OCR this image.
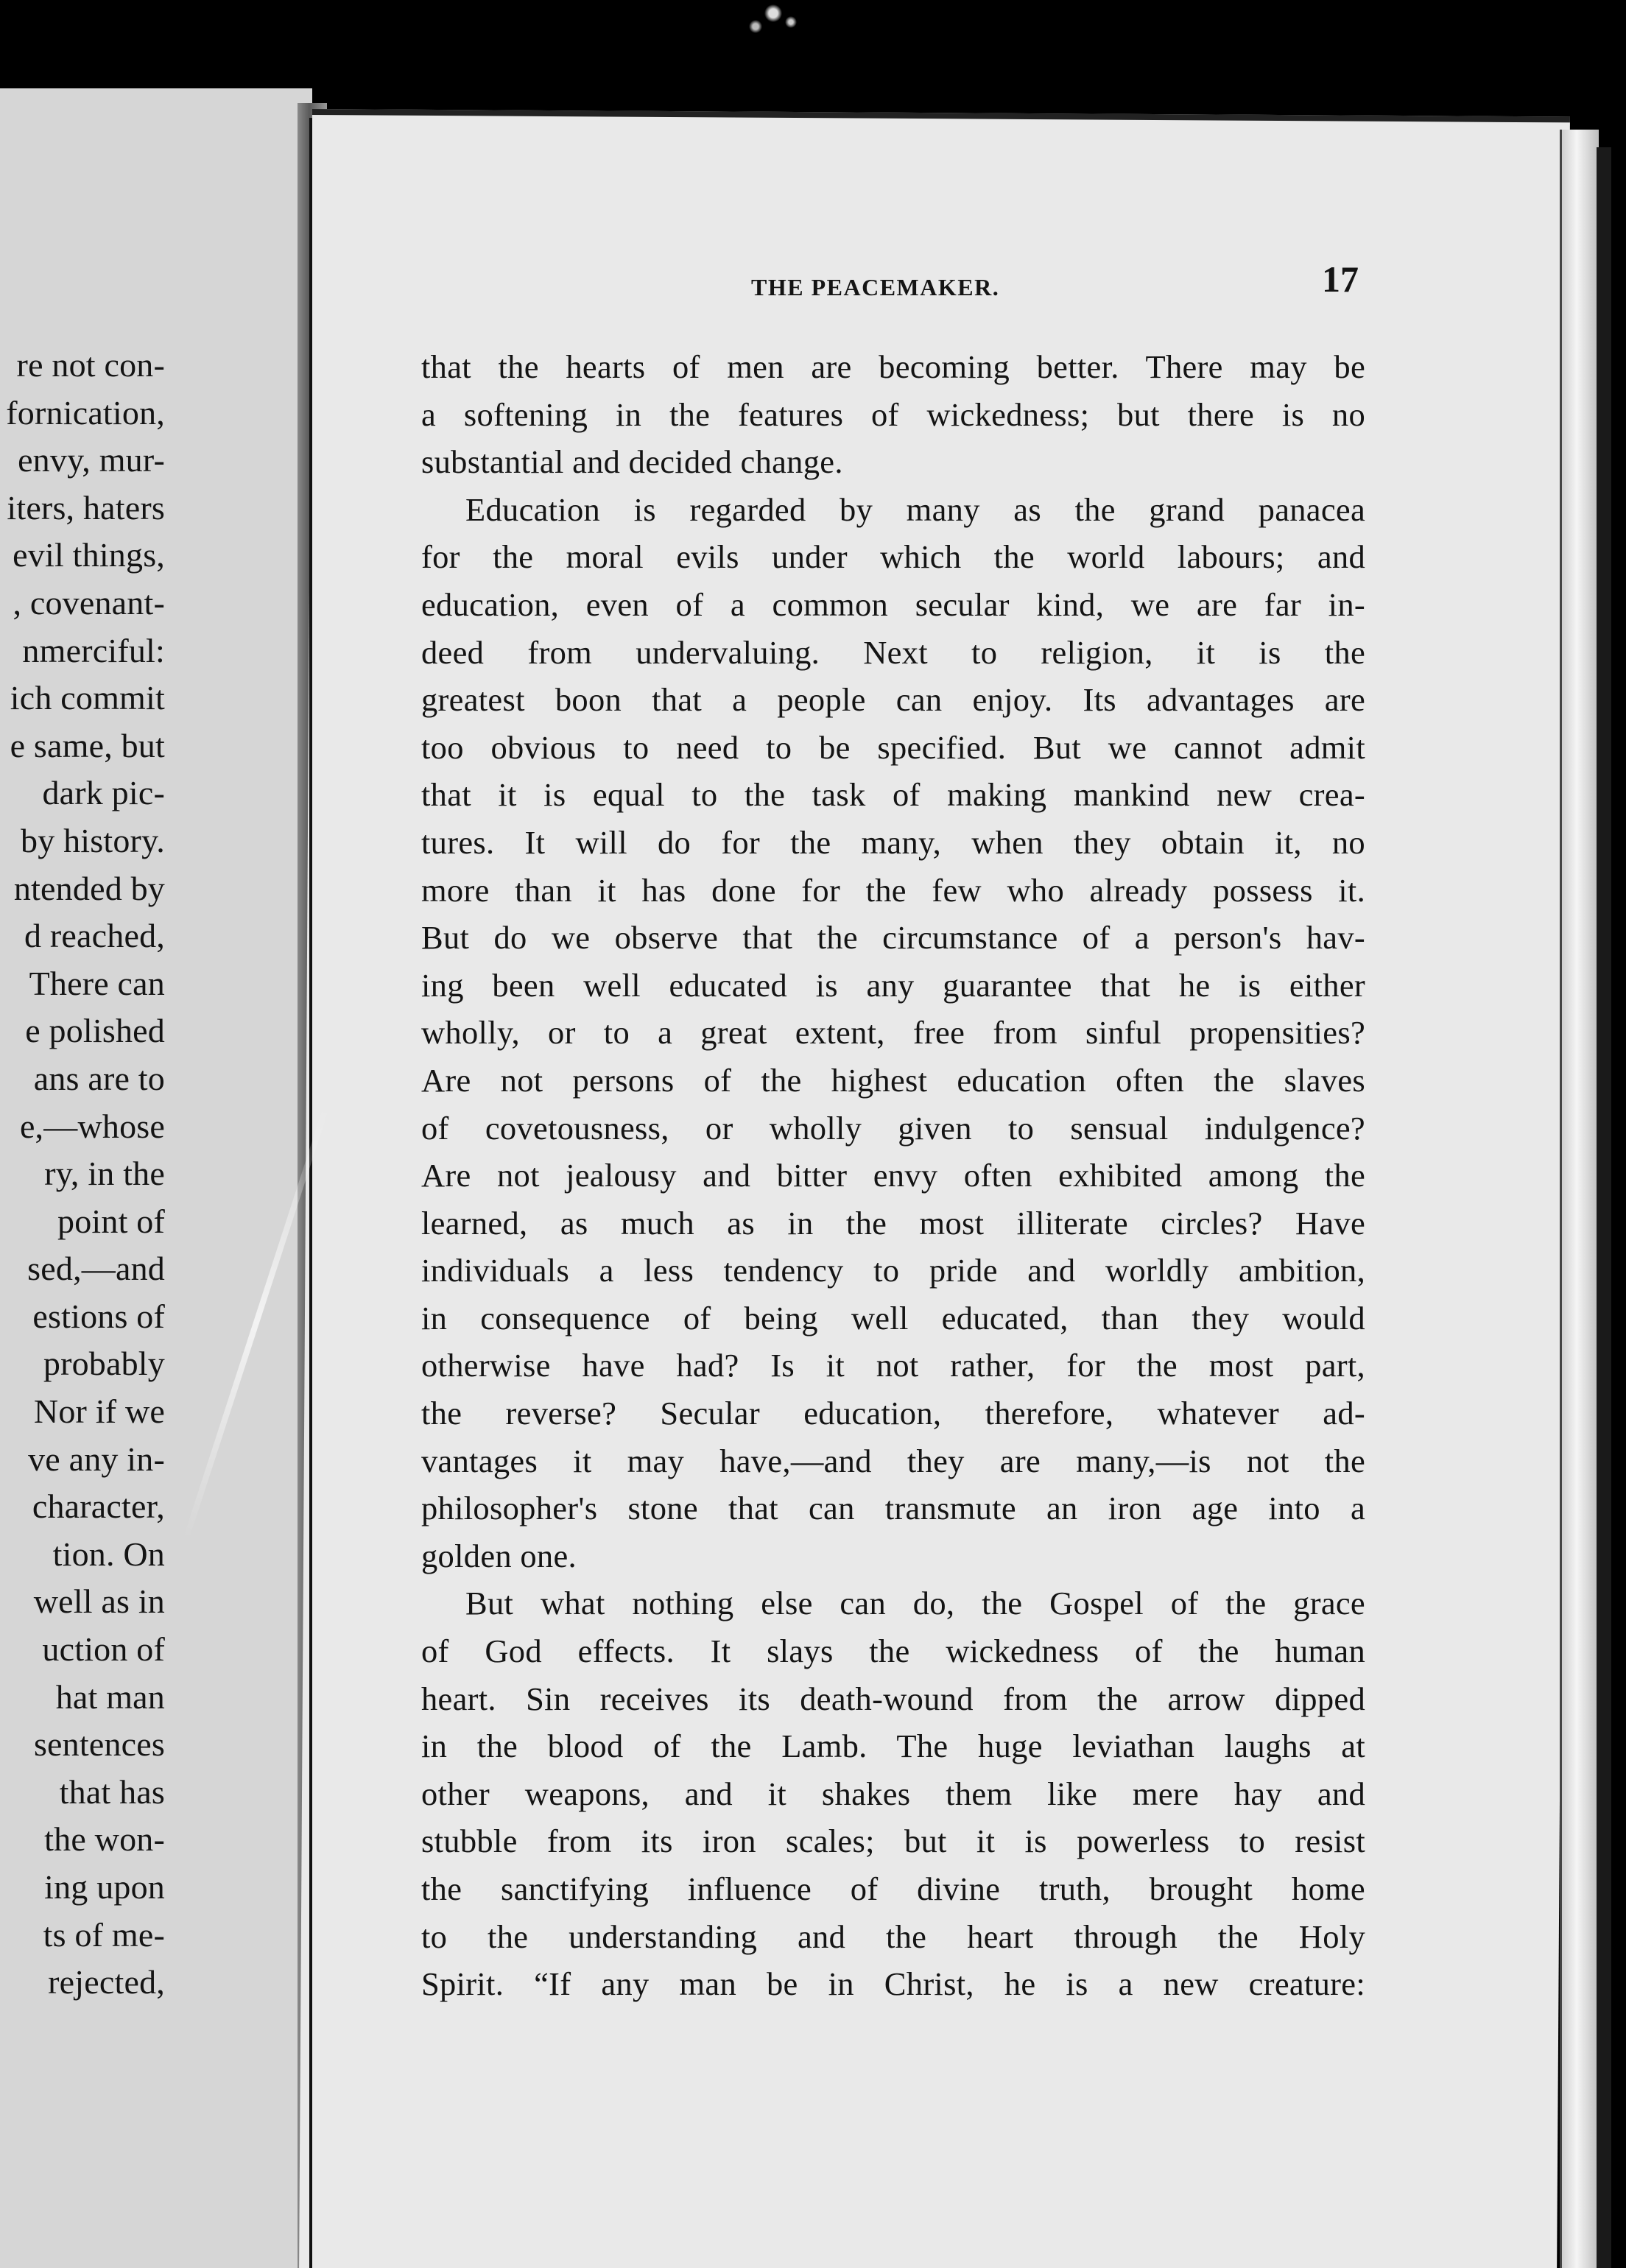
re not con-
fornication,
envy, mur-
iters, haters
evil things,
, covenant-
nmerciful:
ich commit
e same, but
dark pic-
by history.
ntended by
d reached,
There can
e polished
ans are to
e,—whose
ry, in the
point of
sed,—and
estions of
probably
Nor if we
ve any in-
character,
tion. On
well as in
uction of
hat man
sentences
that has
the won-
ing upon
ts of me-
rejected,
THE PEACEMAKER.	17
that the hearts of men are becoming better. There may be
a softening in the features of wickedness; but there is no
substantial and decided change.
Education is regarded by many as the grand panacea
for the moral evils under which the world labours; and
education, even of a common secular kind, we are far in-
deed from undervaluing. Next to religion, it is the
greatest boon that a people can enjoy. Its advantages are
too obvious to need to be specified. But we cannot admit
that it is equal to the task of making mankind new crea-
tures. It will do for the many, when they obtain it, no
more than it has done for the few who already possess it.
But do we observe that the circumstance of a person's hav-
ing been well educated is any guarantee that he is either
wholly, or to a great extent, free from sinful propensities?
Are not persons of the highest education often the slaves
of covetousness, or wholly given to sensual indulgence?
Are not jealousy and bitter envy often exhibited among the
learned, as much as in the most illiterate circles? Have
individuals a less tendency to pride and worldly ambition,
in consequence of being well educated, than they would
otherwise have had? Is it not rather, for the most part,
the reverse? Secular education, therefore, whatever ad-
vantages it may have,—and they are many,—is not the
philosopher's stone that can transmute an iron age into a
golden one.
But what nothing else can do, the Gospel of the grace
of God effects. It slays the wickedness of the human
heart. Sin receives its death-wound from the arrow dipped
in the blood of the Lamb. The huge leviathan laughs at
other weapons, and it shakes them like mere hay and
stubble from its iron scales; but it is powerless to resist
the sanctifying influence of divine truth, brought home
to the understanding and the heart through the Holy
Spirit. “If any man be in Christ, he is a new creature:
